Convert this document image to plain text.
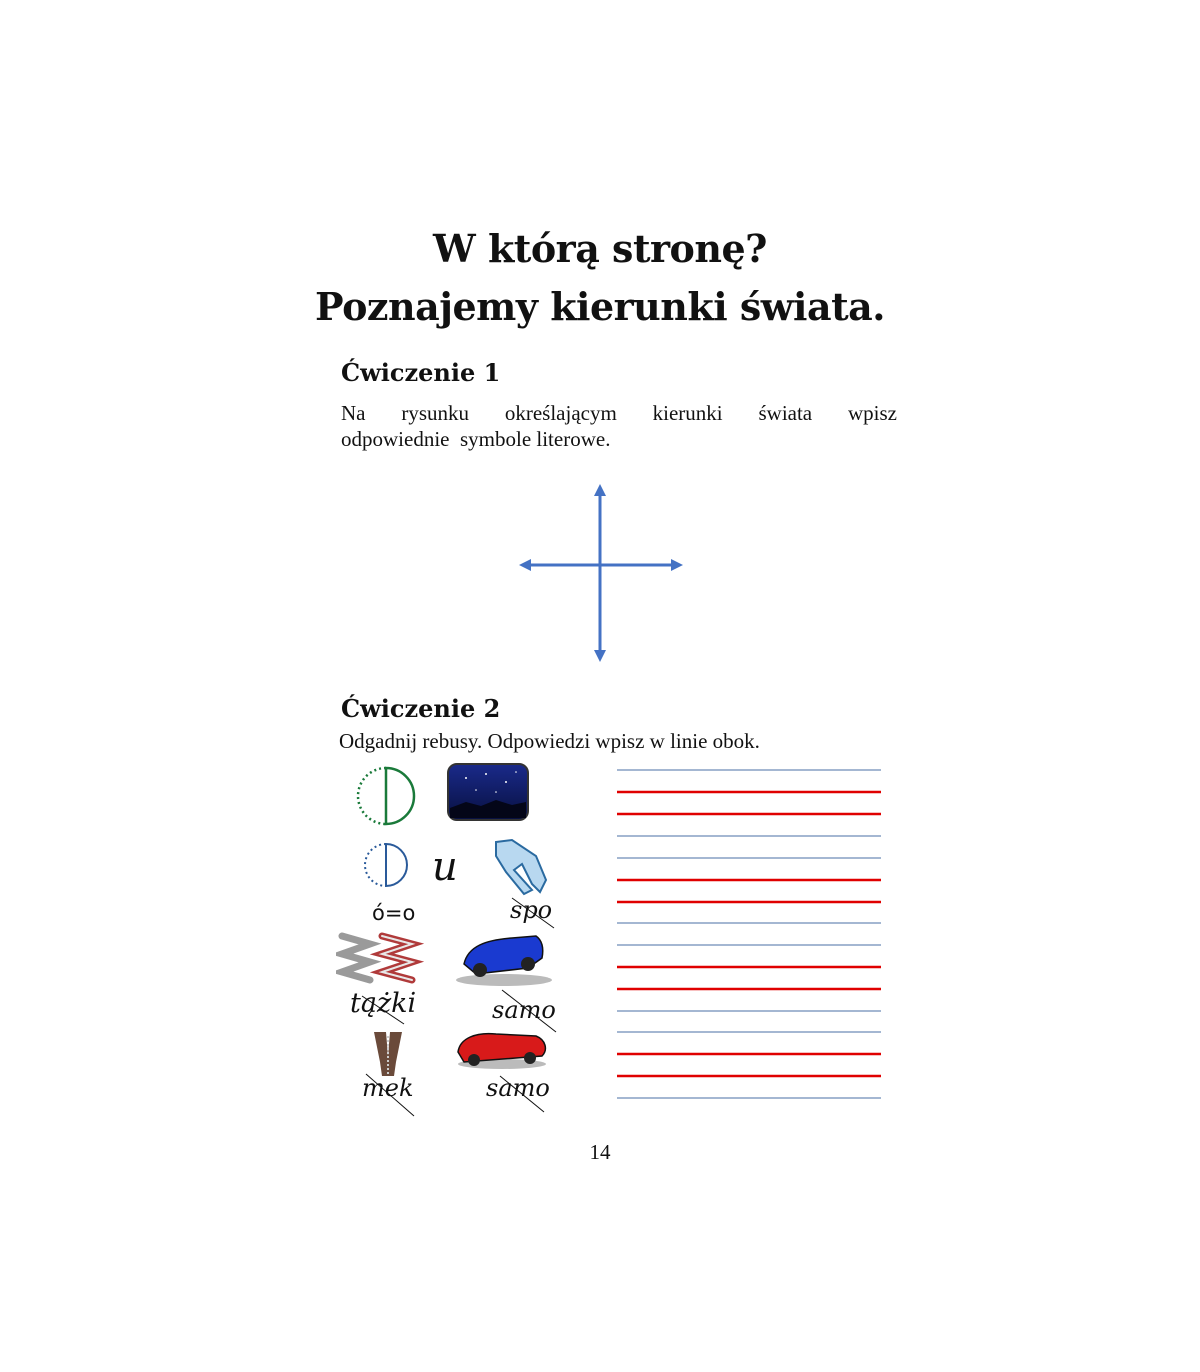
W którą stronę?
Poznajemy kierunki świata.
Ćwiczenie 1
Na rysunku określającym kierunki świata wpisz
odpowiednie  symbole literowe.
Ćwiczenie 2
Odgadnij rebusy. Odpowiedzi wpisz w linie obok.
u
ó=o	spo
tążki	samo
mek	samo
14
